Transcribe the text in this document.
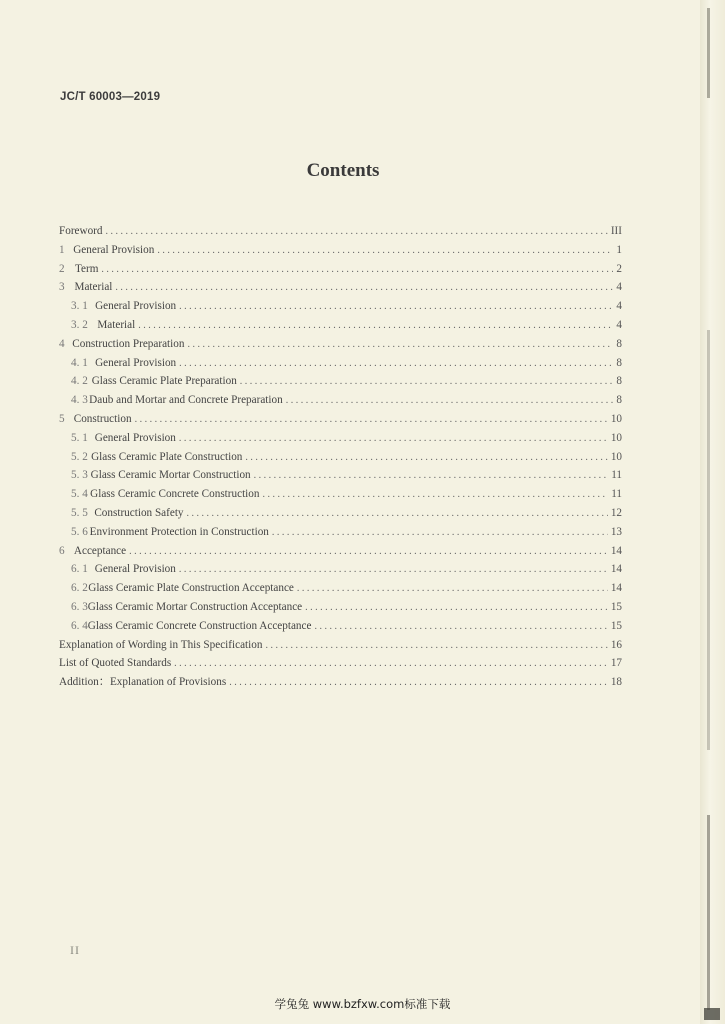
JC/T 60003—2019
Contents
Foreword . . .	III
1 General Provision . . .	1
2 Term . . .	2
3 Material . . .	4
3. 1 General Provision . . .	4
3. 2 Material . . .	4
4 Construction Preparation . . .	8
4. 1 General Provision . . .	8
4. 2 Glass Ceramic Plate Preparation . . .	8
4. 3 Daub and Mortar and Concrete Preparation . . .	8
5 Construction . . .	10
5. 1 General Provision . . .	10
5. 2 Glass Ceramic Plate Construction . . .	10
5. 3 Glass Ceramic Mortar Construction . . .	11
5. 4 Glass Ceramic Concrete Construction . . .	11
5. 5 Construction Safety . . .	12
5. 6 Environment Protection in Construction . . .	13
6 Acceptance . . .	14
6. 1 General Provision . . .	14
6. 2 Glass Ceramic Plate Construction Acceptance . . .	14
6. 3 Glass Ceramic Mortar Construction Acceptance . . .	15
6. 4 Glass Ceramic Concrete Construction Acceptance . . .	15
Explanation of Wording in This Specification . . .	16
List of Quoted Standards . . .	17
Addition：Explanation of Provisions . . .	18
II
学兔兔 www.bzfxw.com标准下载
